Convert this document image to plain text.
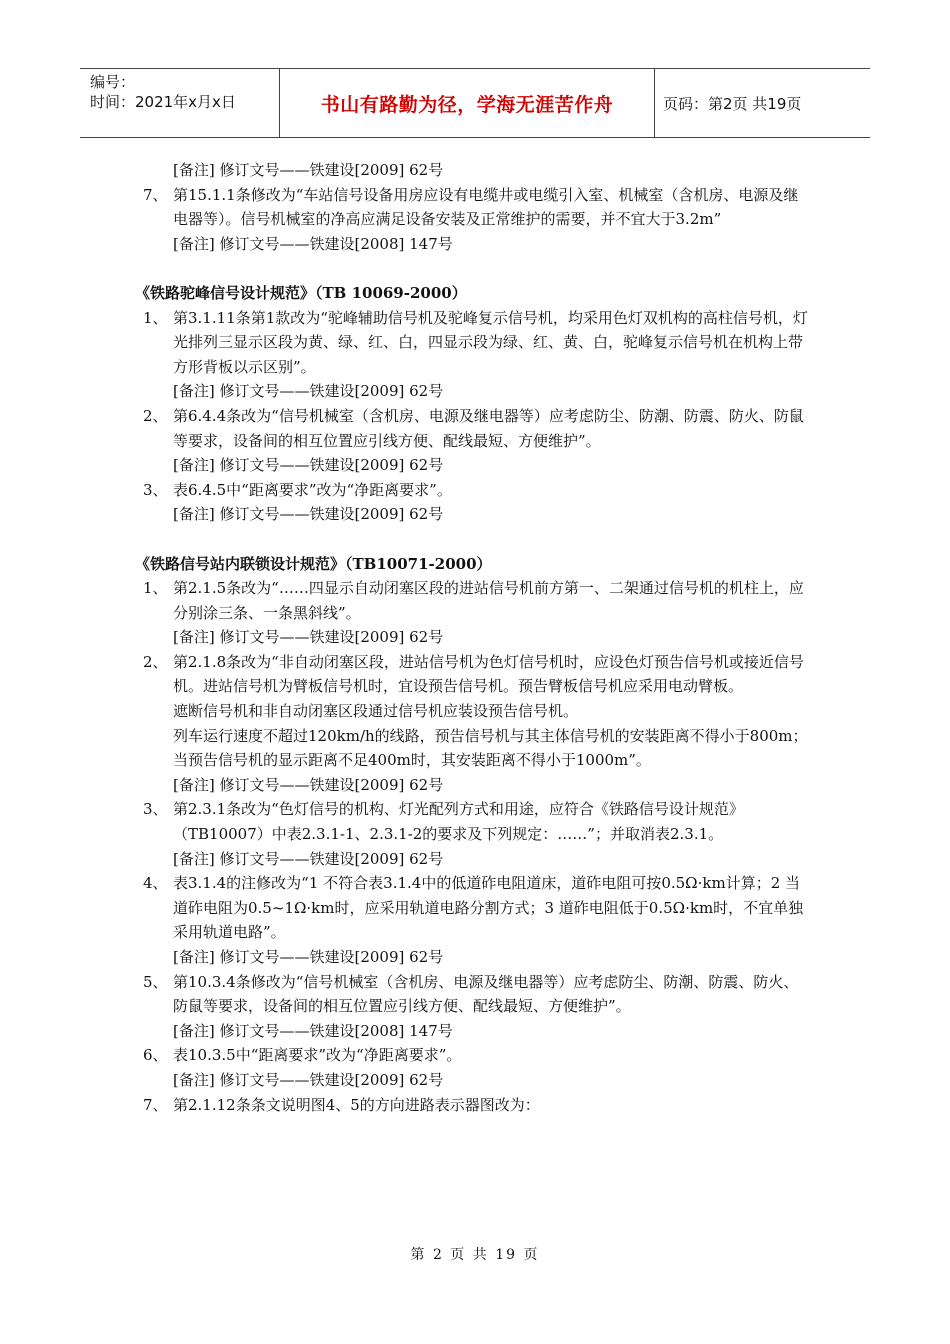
编号：
时间：2021年x月x日	书山有路勤为径，学海无涯苦作舟	页码：第2页 共19页
[备注] 修订文号——铁建设[2009] 62号
7、 第15.1.1条修改为“车站信号设备用房应设有电缆井或电缆引入室、机械室（含机房、电源及继电器等）。信号机械室的净高应满足设备安装及正常维护的需要，并不宜大于3.2m”
[备注] 修订文号——铁建设[2008] 147号
《铁路驼峰信号设计规范》（TB 10069-2000）
1、 第3.1.11条第1款改为“驼峰辅助信号机及驼峰复示信号机，均采用色灯双机构的高柱信号机，灯光排列三显示区段为黄、绿、红、白，四显示段为绿、红、黄、白，驼峰复示信号机在机构上带方形背板以示区别”。
[备注] 修订文号——铁建设[2009] 62号
2、 第6.4.4条改为“信号机械室（含机房、电源及继电器等）应考虑防尘、防潮、防震、防火、防鼠等要求，设备间的相互位置应引线方便、配线最短、方便维护”。
[备注] 修订文号——铁建设[2009] 62号
3、 表6.4.5中“距离要求”改为“净距离要求”。
[备注] 修订文号——铁建设[2009] 62号
《铁路信号站内联锁设计规范》（TB10071-2000）
1、 第2.1.5条改为“……四显示自动闭塞区段的进站信号机前方第一、二架通过信号机的机柱上，应分别涂三条、一条黑斜线”。
[备注] 修订文号——铁建设[2009] 62号
2、 第2.1.8条改为“非自动闭塞区段，进站信号机为色灯信号机时，应设色灯预告信号机或接近信号机。进站信号机为臂板信号机时，宜设预告信号机。预告臂板信号机应采用电动臂板。
遮断信号机和非自动闭塞区段通过信号机应装设预告信号机。
列车运行速度不超过120km/h的线路，预告信号机与其主体信号机的安装距离不得小于800m；当预告信号机的显示距离不足400m时，其安装距离不得小于1000m”。
[备注] 修订文号——铁建设[2009] 62号
3、 第2.3.1条改为“色灯信号的机构、灯光配列方式和用途，应符合《铁路信号设计规范》（TB10007）中表2.3.1-1、2.3.1-2的要求及下列规定：……”；并取消表2.3.1。
[备注] 修订文号——铁建设[2009] 62号
4、 表3.1.4的注修改为“1 不符合表3.1.4中的低道砟电阻道床，道砟电阻可按0.5Ω·km计算；2 当道砟电阻为0.5~1Ω·km时，应采用轨道电路分割方式；3 道砟电阻低于0.5Ω·km时，不宜单独采用轨道电路”。
[备注] 修订文号——铁建设[2009] 62号
5、 第10.3.4条修改为“信号机械室（含机房、电源及继电器等）应考虑防尘、防潮、防震、防火、防鼠等要求，设备间的相互位置应引线方便、配线最短、方便维护”。
[备注] 修订文号——铁建设[2008] 147号
6、 表10.3.5中“距离要求”改为“净距离要求”。
[备注] 修订文号——铁建设[2009] 62号
7、 第2.1.12条条文说明图4、5的方向进路表示器图改为：
第 2 页 共 19 页
